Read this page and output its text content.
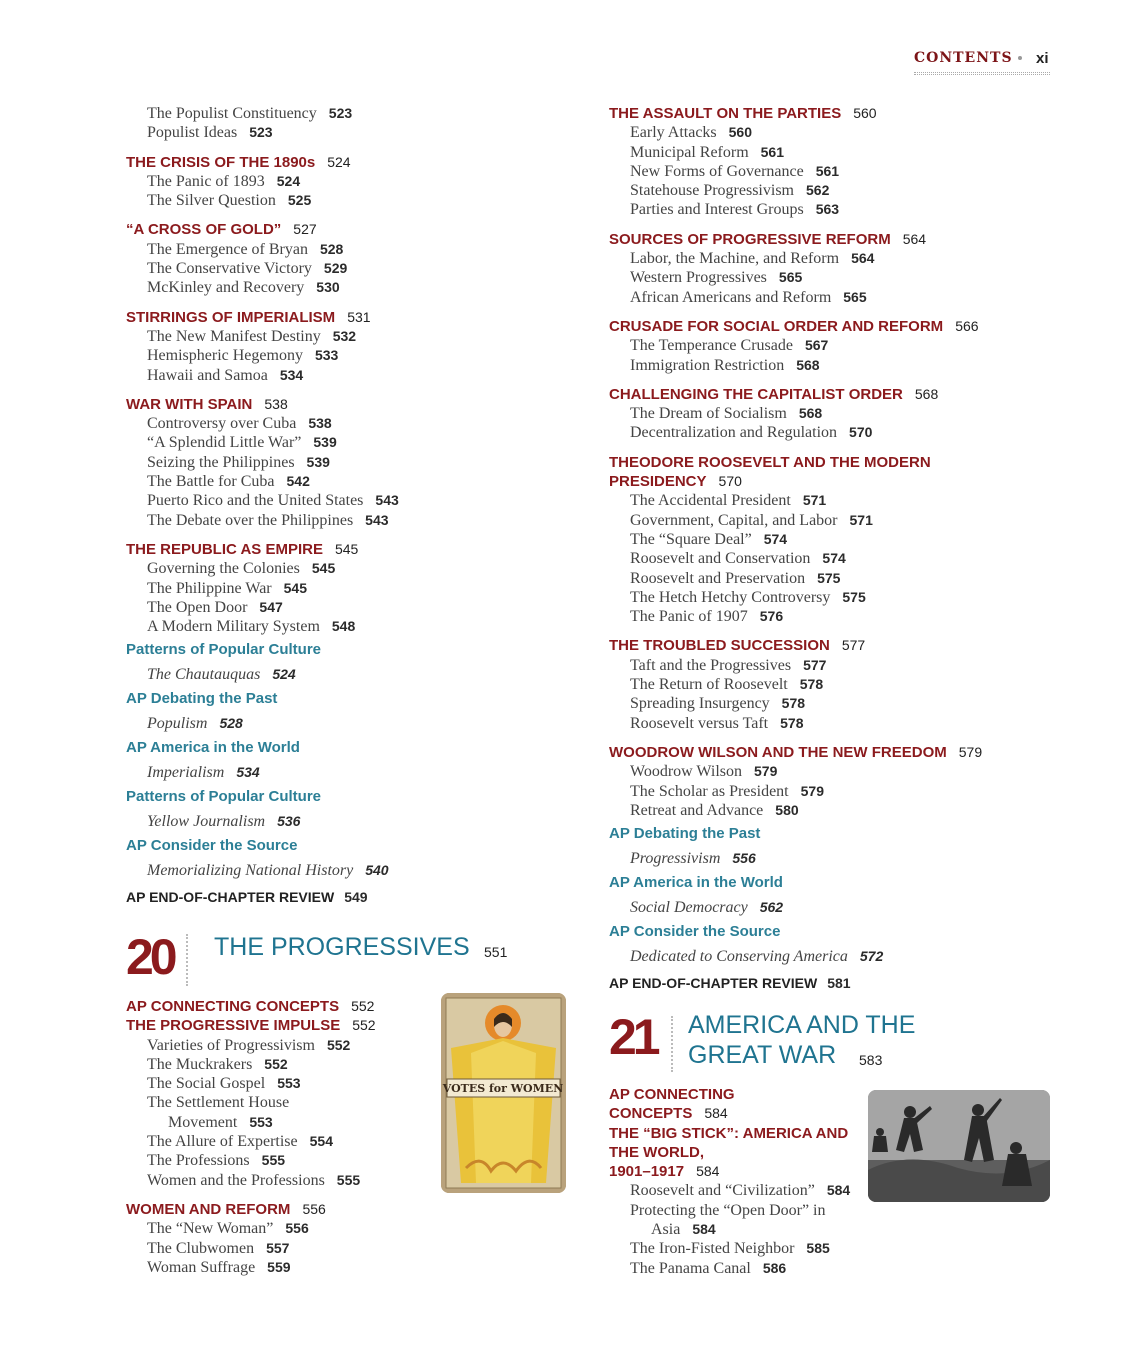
CONTENTS xi
The Populist Constituency 523
Populist Ideas 523
THE CRISIS OF THE 1890s 524
The Panic of 1893 524
The Silver Question 525
“A CROSS OF GOLD” 527
The Emergence of Bryan 528
The Conservative Victory 529
McKinley and Recovery 530
STIRRINGS OF IMPERIALISM 531
The New Manifest Destiny 532
Hemispheric Hegemony 533
Hawaii and Samoa 534
WAR WITH SPAIN 538
Controversy over Cuba 538
“A Splendid Little War” 539
Seizing the Philippines 539
The Battle for Cuba 542
Puerto Rico and the United States 543
The Debate over the Philippines 543
THE REPUBLIC AS EMPIRE 545
Governing the Colonies 545
The Philippine War 545
The Open Door 547
A Modern Military System 548
Patterns of Popular Culture
The Chautauquas 524
AP Debating the Past
Populism 528
AP America in the World
Imperialism 534
Patterns of Popular Culture
Yellow Journalism 536
AP Consider the Source
Memorializing National History 540
AP END-OF-CHAPTER REVIEW 549
20 THE PROGRESSIVES 551
AP CONNECTING CONCEPTS 552
THE PROGRESSIVE IMPULSE 552
Varieties of Progressivism 552
The Muckrakers 552
The Social Gospel 553
The Settlement House
Movement 553
The Allure of Expertise 554
The Professions 555
Women and the Professions 555
WOMEN AND REFORM 556
The “New Woman” 556
The Clubwomen 557
Woman Suffrage 559
VOTES for WOMEN
THE ASSAULT ON THE PARTIES 560
Early Attacks 560
Municipal Reform 561
New Forms of Governance 561
Statehouse Progressivism 562
Parties and Interest Groups 563
SOURCES OF PROGRESSIVE REFORM 564
Labor, the Machine, and Reform 564
Western Progressives 565
African Americans and Reform 565
CRUSADE FOR SOCIAL ORDER AND REFORM 566
The Temperance Crusade 567
Immigration Restriction 568
CHALLENGING THE CAPITALIST ORDER 568
The Dream of Socialism 568
Decentralization and Regulation 570
THEODORE ROOSEVELT AND THE MODERN
PRESIDENCY 570
The Accidental President 571
Government, Capital, and Labor 571
The “Square Deal” 574
Roosevelt and Conservation 574
Roosevelt and Preservation 575
The Hetch Hetchy Controversy 575
The Panic of 1907 576
THE TROUBLED SUCCESSION 577
Taft and the Progressives 577
The Return of Roosevelt 578
Spreading Insurgency 578
Roosevelt versus Taft 578
WOODROW WILSON AND THE NEW FREEDOM 579
Woodrow Wilson 579
The Scholar as President 579
Retreat and Advance 580
AP Debating the Past
Progressivism 556
AP America in the World
Social Democracy 562
AP Consider the Source
Dedicated to Conserving America 572
AP END-OF-CHAPTER REVIEW 581
21 AMERICA AND THE
GREAT WAR 583
AP CONNECTING
CONCEPTS 584
THE “BIG STICK”: AMERICA AND
THE WORLD,
1901–1917 584
Roosevelt and “Civilization” 584
Protecting the “Open Door” in
Asia 584
The Iron-Fisted Neighbor 585
The Panama Canal 586
